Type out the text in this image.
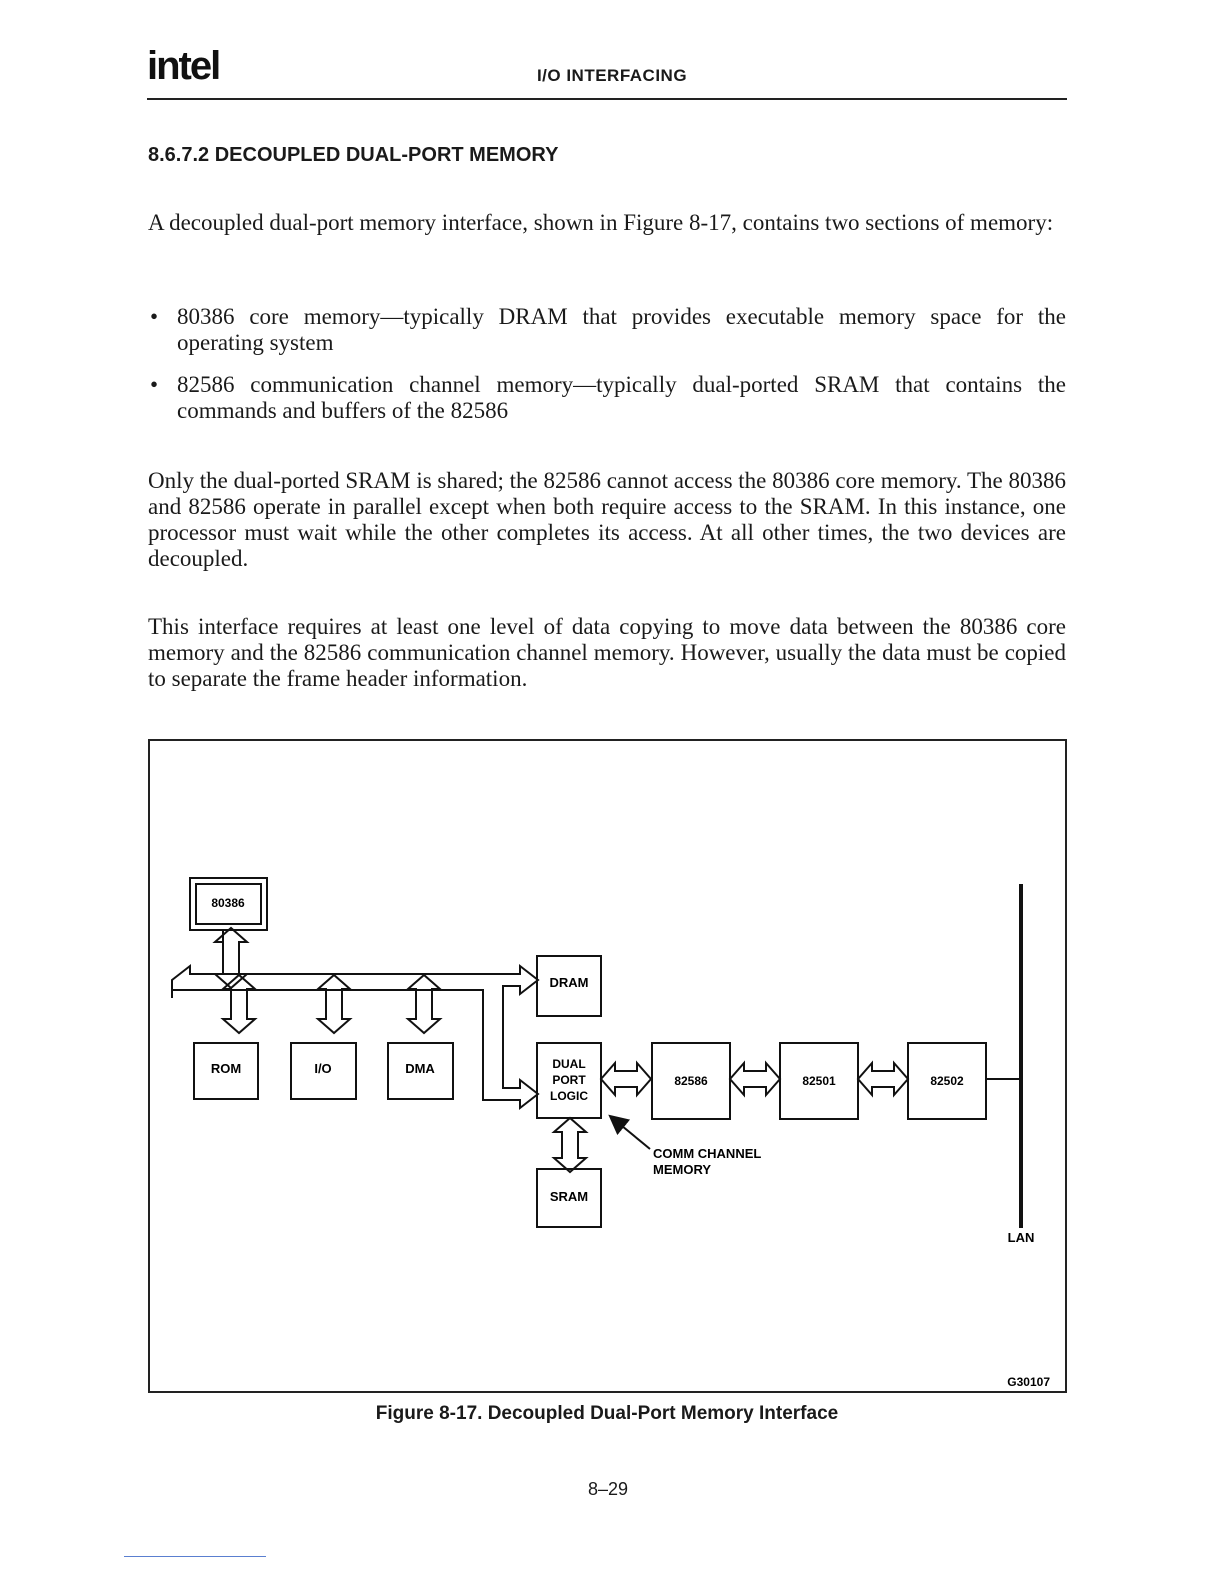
intel	I/O INTERFACING
8.6.7.2 DECOUPLED DUAL-PORT MEMORY

A decoupled dual-port memory interface, shown in Figure 8-17, contains two sections of memory:

• 80386 core memory—typically DRAM that provides executable memory space for the operating system
• 82586 communication channel memory—typically dual-ported SRAM that contains the commands and buffers of the 82586

Only the dual-ported SRAM is shared; the 82586 cannot access the 80386 core memory. The 80386 and 82586 operate in parallel except when both require access to the SRAM. In this instance, one processor must wait while the other completes its access. At all other times, the two devices are decoupled.

This interface requires at least one level of data copying to move data between the 80386 core memory and the 82586 communication channel memory. However, usually the data must be copied to separate the frame header information.

80386
DRAM
ROM	I/O	DMA	DUAL
PORT
LOGIC
SRAM
82586	82501	82502
COMM CHANNEL
MEMORY
LAN
G30107
Figure 8-17. Decoupled Dual-Port Memory Interface
8–29
